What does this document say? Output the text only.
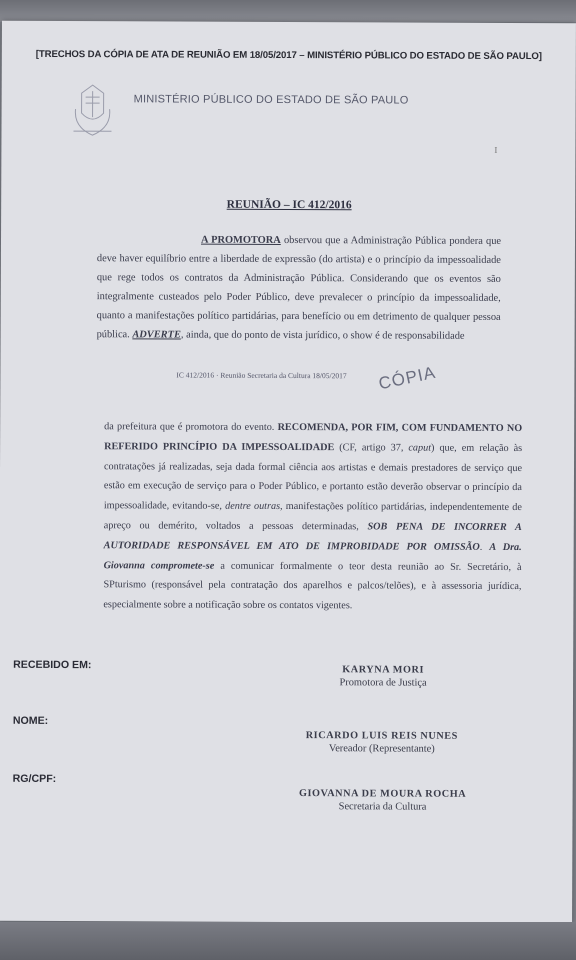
[TRECHOS DA CÓPIA DE ATA DE REUNIÃO EM 18/05/2017 – MINISTÉRIO PÚBLICO DO ESTADO DE SÃO PAULO]
MINISTÉRIO PÚBLICO DO ESTADO DE SÃO PAULO
I
REUNIÃO – IC 412/2016
A PROMOTORA observou que a Administração Pública pondera que deve haver equilíbrio entre a liberdade de expressão (do artista) e o princípio da impessoalidade que rege todos os contratos da Administração Pública. Considerando que os eventos são integralmente custeados pelo Poder Público, deve prevalecer o princípio da impessoalidade, quanto a manifestações político partidárias, para benefício ou em detrimento de qualquer pessoa pública. ADVERTE, ainda, que do ponto de vista jurídico, o show é de responsabilidade
IC 412/2016 · Reunião Secretaria da Cultura 18/05/2017 CÓPIA
da prefeitura que é promotora do evento. RECOMENDA, POR FIM, COM FUNDAMENTO NO REFERIDO PRINCÍPIO DA IMPESSOALIDADE (CF, artigo 37, caput) que, em relação às contratações já realizadas, seja dada formal ciência aos artistas e demais prestadores de serviço que estão em execução de serviço para o Poder Público, e portanto estão deverão observar o princípio da impessoalidade, evitando-se, dentre outras, manifestações político partidárias, independentemente de apreço ou demérito, voltados a pessoas determinadas, SOB PENA DE INCORRER A AUTORIDADE RESPONSÁVEL EM ATO DE IMPROBIDADE POR OMISSÃO. A Dra. Giovanna compromete-se a comunicar formalmente o teor desta reunião ao Sr. Secretário, à SPturismo (responsável pela contratação dos aparelhos e palcos/telões), e à assessoria jurídica, especialmente sobre a notificação sobre os contatos vigentes.
RECEBIDO EM:
NOME:
RG/CPF:
KARYNA MORI
Promotora de Justiça
RICARDO LUIS REIS NUNES
Vereador (Representante)
GIOVANNA DE MOURA ROCHA
Secretaria da Cultura
